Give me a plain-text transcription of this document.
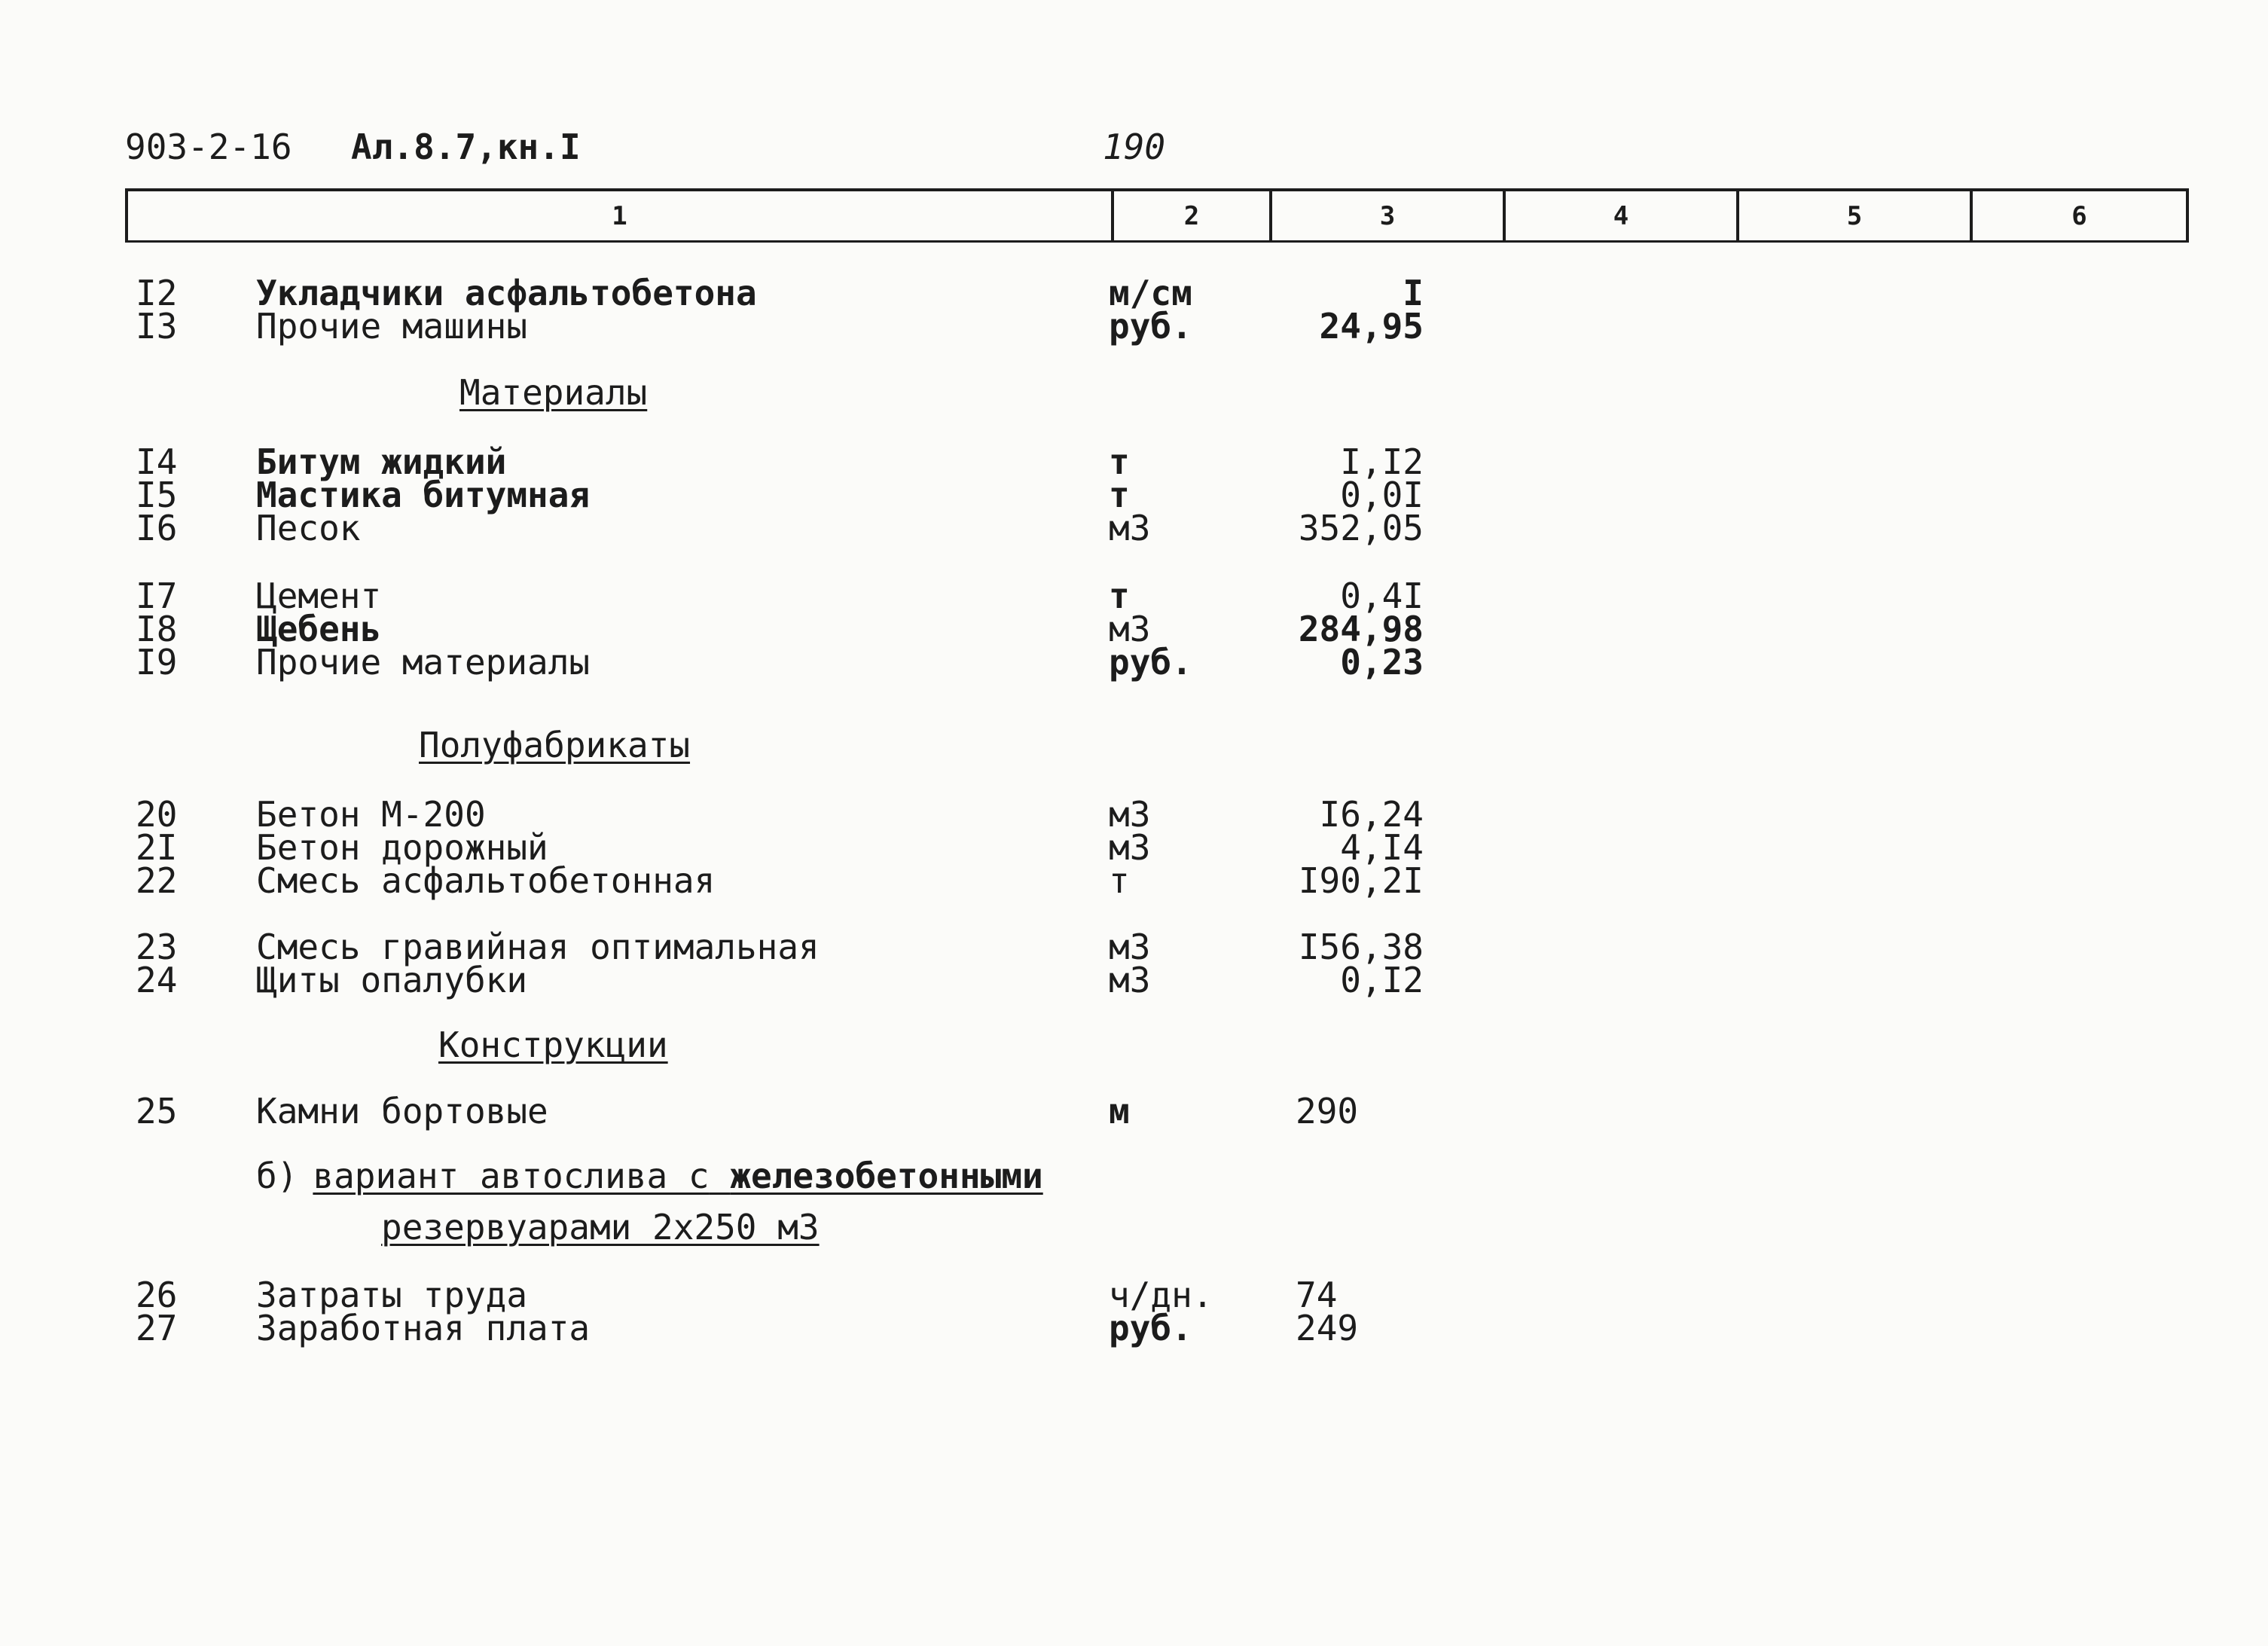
903-2-16 Ал.8.7,кн.I	190
1	2	3	4	5	6
I2 Укладчики асфальтобетона	м/см	I
I3 Прочие машины	руб.	24,95
Материалы
I4 Битум жидкий	т	I,I2
I5 Мастика битумная	т	0,0I
I6 Песок	м3	352,05
I7 Цемент	т	0,4I
I8 Щебень	м3	284,98
I9 Прочие материалы	руб.	0,23
Полуфабрикаты
20 Бетон М-200	м3	I6,24
2I Бетон дорожный	м3	4,I4
22 Смесь асфальтобетонная	т	I90,2I
23 Смесь гравийная оптимальная	м3	I56,38
24 Щиты опалубки	м3	0,I2
Конструкции
25 Камни бортовые	м	290
б) вариант автослива с железобетонными
резервуарами 2х250 м3
26 Затраты труда	ч/дн. 74
27 Заработная плата	руб.	249
